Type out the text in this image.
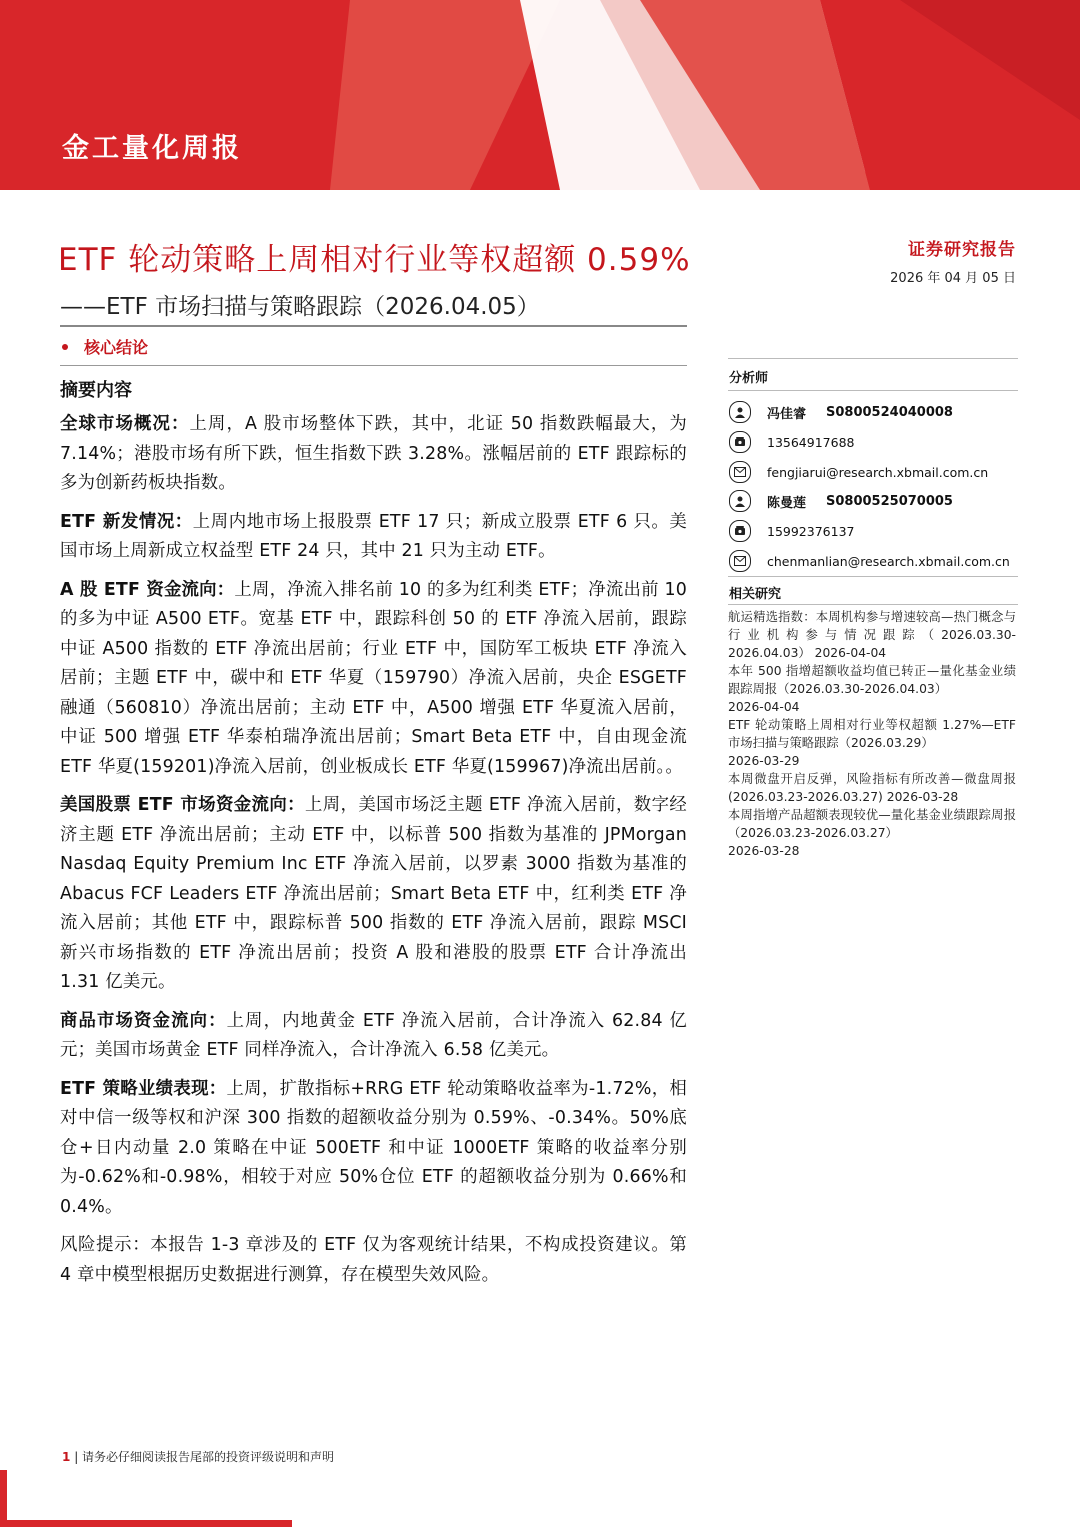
金工量化周报
证券研究报告
2026 年 04 月 05 日
ETF 轮动策略上周相对行业等权超额 0.59%
——ETF 市场扫描与策略跟踪（2026.04.05）
核心结论
摘要内容

全球市场概况：上周，A 股市场整体下跌，其中，北证 50 指数跌幅最大，为 7.14%；港股市场有所下跌，恒生指数下跌 3.28%。涨幅居前的 ETF 跟踪标的多为创新药板块指数。

ETF 新发情况：上周内地市场上报股票 ETF 17 只；新成立股票 ETF 6 只。美国市场上周新成立权益型 ETF 24 只，其中 21 只为主动 ETF。

A 股 ETF 资金流向：上周，净流入排名前 10 的多为红利类 ETF；净流出前 10 的多为中证 A500 ETF。宽基 ETF 中，跟踪科创 50 的 ETF 净流入居前，跟踪中证 A500 指数的 ETF 净流出居前；行业 ETF 中，国防军工板块 ETF 净流入居前；主题 ETF 中，碳中和 ETF 华夏（159790）净流入居前，央企 ESGETF 融通（560810）净流出居前；主动 ETF 中，A500 增强 ETF 华夏流入居前，中证 500 增强 ETF 华泰柏瑞净流出居前；Smart Beta ETF 中，自由现金流 ETF 华夏(159201)净流入居前，创业板成长 ETF 华夏(159967)净流出居前。。

美国股票 ETF 市场资金流向：上周，美国市场泛主题 ETF 净流入居前，数字经济主题 ETF 净流出居前；主动 ETF 中，以标普 500 指数为基准的 JPMorgan Nasdaq Equity Premium Inc ETF 净流入居前，以罗素 3000 指数为基准的 Abacus FCF Leaders ETF 净流出居前；Smart Beta ETF 中，红利类 ETF 净流入居前；其他 ETF 中，跟踪标普 500 指数的 ETF 净流入居前，跟踪 MSCI 新兴市场指数的 ETF 净流出居前；投资 A 股和港股的股票 ETF 合计净流出 1.31 亿美元。

商品市场资金流向：上周，内地黄金 ETF 净流入居前，合计净流入 62.84 亿元；美国市场黄金 ETF 同样净流入，合计净流入 6.58 亿美元。

ETF 策略业绩表现：上周，扩散指标+RRG ETF 轮动策略收益率为-1.72%，相对中信一级等权和沪深 300 指数的超额收益分别为 0.59%、-0.34%。50%底仓+日内动量 2.0 策略在中证 500ETF 和中证 1000ETF 策略的收益率分别为-0.62%和-0.98%，相较于对应 50%仓位 ETF 的超额收益分别为 0.66%和 0.4%。

风险提示：本报告 1-3 章涉及的 ETF 仅为客观统计结果，不构成投资建议。第 4 章中模型根据历史数据进行测算，存在模型失效风险。

分析师
冯佳睿 S0800524040008
13564917688
fengjiarui@research.xbmail.com.cn
陈曼莲 S0800525070005
15992376137
chenmanlian@research.xbmail.com.cn
相关研究
航运精选指数：本周机构参与增速较高—热门概念与行业机构参与情况跟踪（2026.03.30-2026.04.03） 2026-04-04
本年 500 指增超额收益均值已转正—量化基金业绩跟踪周报（2026.03.30-2026.04.03）
2026-04-04
ETF 轮动策略上周相对行业等权超额 1.27%—ETF 市场扫描与策略跟踪（2026.03.29）
2026-03-29
本周微盘开启反弹，风险指标有所改善—微盘周报(2026.03.23-2026.03.27) 2026-03-28
本周指增产品超额表现较优—量化基金业绩跟踪周报（2026.03.23-2026.03.27）
2026-03-28
1 | 请务必仔细阅读报告尾部的投资评级说明和声明
